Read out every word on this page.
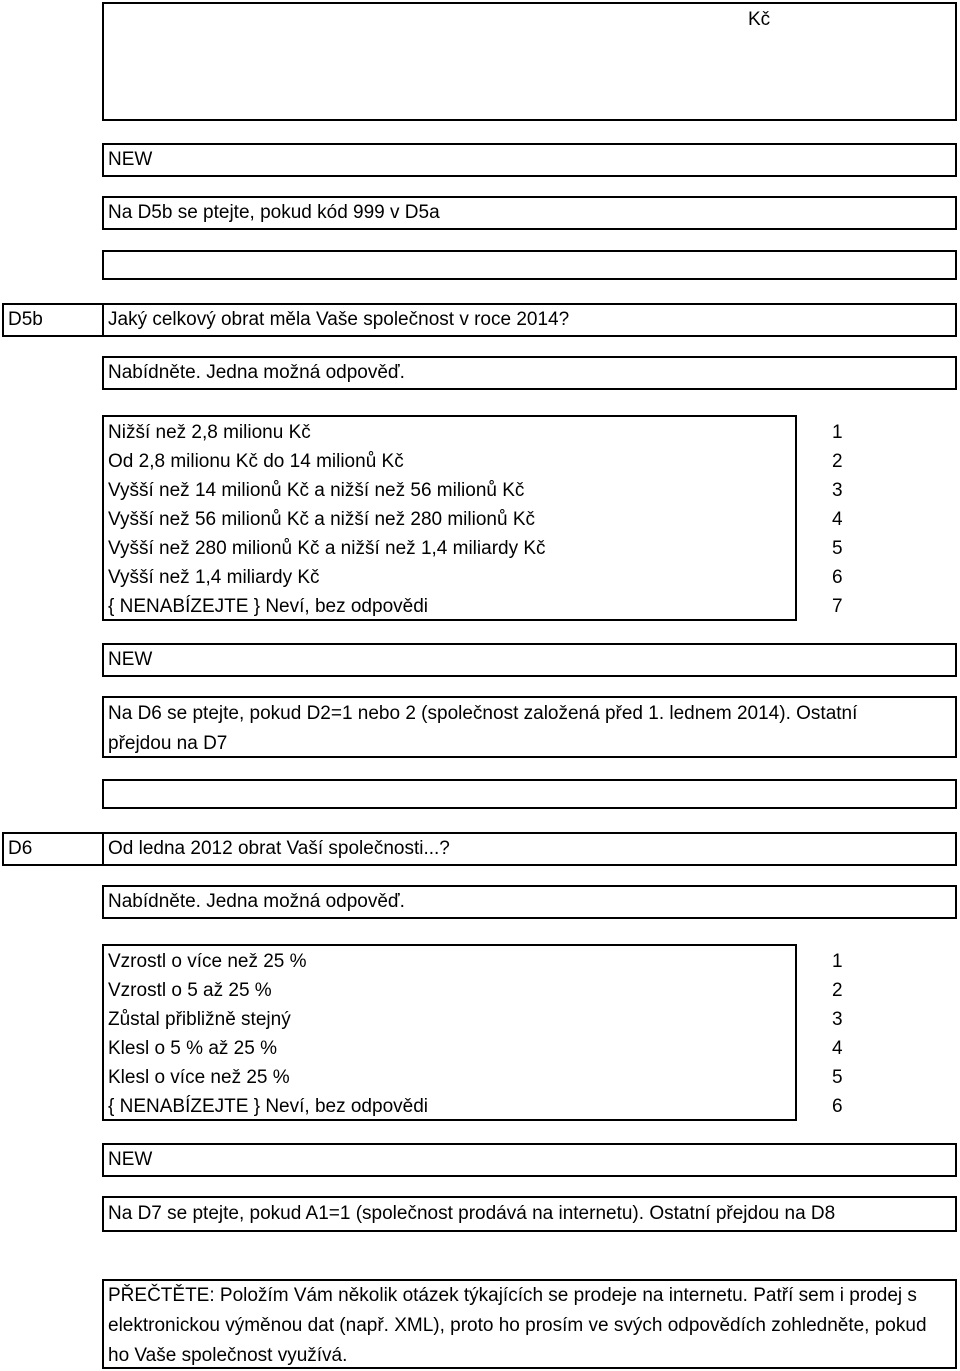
Kč
NEW
Na D5b se ptejte, pokud kód 999 v D5a
D5b	Jaký celkový obrat měla Vaše společnost v roce 2014?
Nabídněte. Jedna možná odpověď.
Nižší než 2,8 milionu Kč	1
Od 2,8 milionu Kč do 14 milionů Kč	2
Vyšší než 14 milionů Kč a nižší než 56 milionů Kč	3
Vyšší než 56 milionů Kč a nižší než 280 milionů Kč	4
Vyšší než 280 milionů Kč a nižší než 1,4 miliardy Kč	5
Vyšší než 1,4 miliardy Kč	6
{ NENABÍZEJTE } Neví, bez odpovědi	7
NEW
Na D6 se ptejte, pokud D2=1 nebo 2 (společnost založená před 1. lednem 2014). Ostatní přejdou na D7
D6	Od ledna 2012 obrat Vaší společnosti...?
Nabídněte. Jedna možná odpověď.
Vzrostl o více než 25 %	1
Vzrostl o 5 až 25 %	2
Zůstal přibližně stejný	3
Klesl o 5 % až 25 %	4
Klesl o více než 25 %	5
{ NENABÍZEJTE } Neví, bez odpovědi	6
NEW
Na D7 se ptejte, pokud A1=1 (společnost prodává na internetu). Ostatní přejdou na D8
PŘEČTĚTE: Položím Vám několik otázek týkajících se prodeje na internetu. Patří sem i prodej s elektronickou výměnou dat (např. XML), proto ho prosím ve svých odpovědích zohledněte, pokud ho Vaše společnost využívá.
